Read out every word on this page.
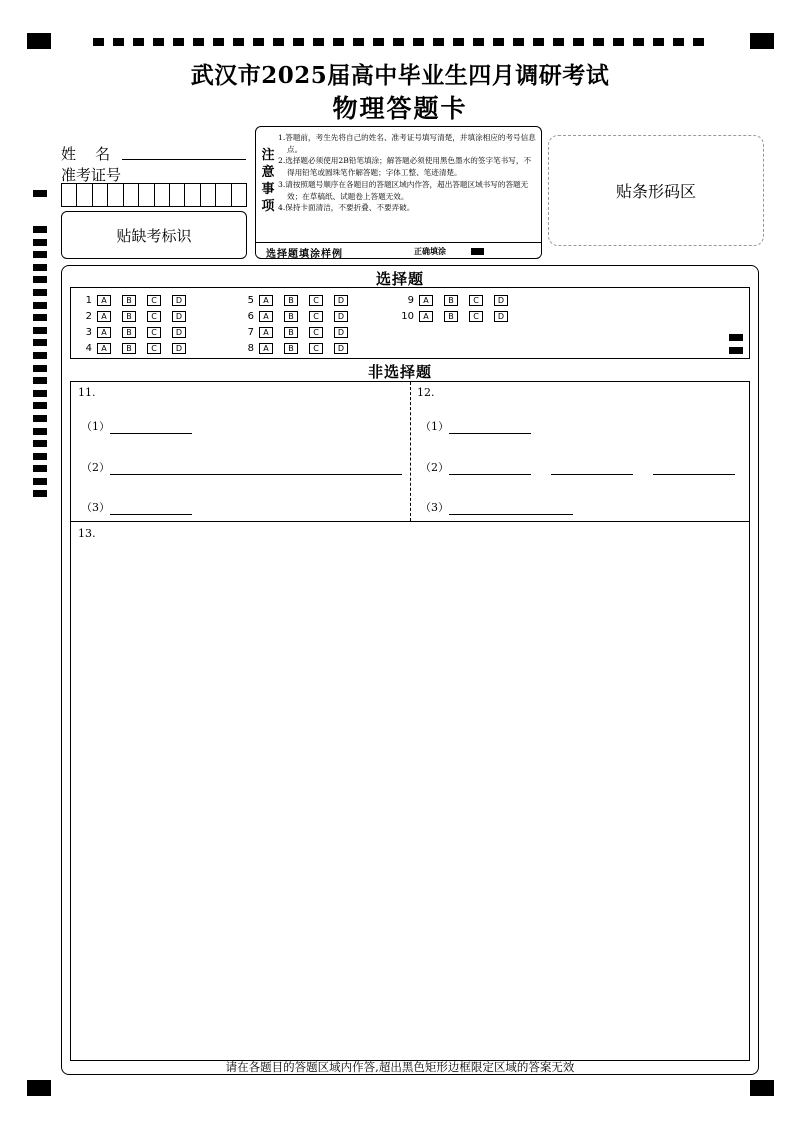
武汉市2025届高中毕业生四月调研考试
物理答题卡
姓    名
准考证号
贴缺考标识
注
意
事
项

1.答题前，考生先将自己的姓名、准考证号填写清楚，并填涂相应的考号信息点。

2.选择题必须使用2B铅笔填涂；解答题必须使用黑色墨水的签字笔书写，不得用铅笔或圆珠笔作解答题；字体工整、笔迹清楚。

3.请按照题号顺序在各题目的答题区域内作答，超出答题区域书写的答题无效；在草稿纸、试题卷上答题无效。

4.保持卡面清洁，不要折叠、不要弄破。

选择题填涂样例	正确填涂
贴条形码区
选择题
1	A	B	C	D
2	A	B	C	D
3	A	B	C	D
4	A	B	C	D
5	A	B	C	D
6	A	B	C	D
7	A	B	C	D
8	A	B	C	D
9	A	B	C	D
10	A	B	C	D
非选择题
11.
（1）
（2）
（3）
12.
（1）
（2）
（3）
13.
请在各题目的答题区域内作答,超出黑色矩形边框限定区域的答案无效
